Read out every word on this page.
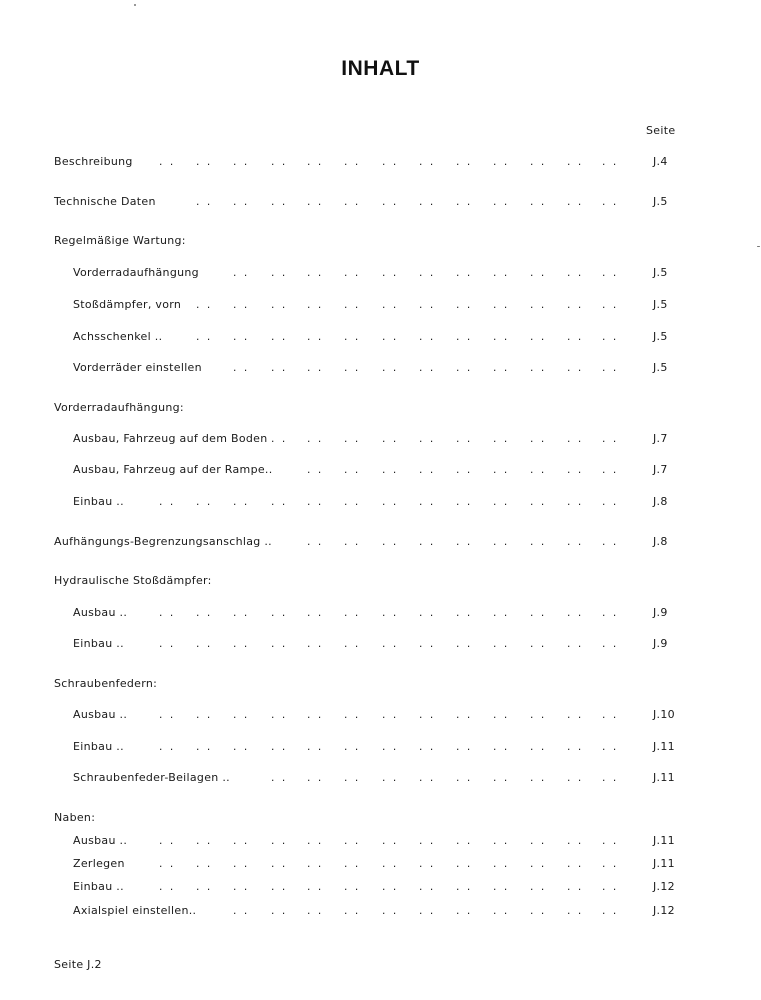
INHALT
Seite
Beschreibung	. . . . . . . . . . . . . . . . . . . . . . . . . .	J.4
Technische Daten	. . . . . . . . . . . . . . . . . . . . . . . .	J.5
Regelmäßige Wartung:
Vorderradaufhängung	. . . . . . . . . . . . . . . . . . . . . .	J.5
Stoßdämpfer, vorn . . . . . . . . . . . . . . . . . . . . . . . .	J.5
Achsschenkel ..	. . . . . . . . . . . . . . . . . . . . . . . .	J.5
Vorderräder einstellen	. . . . . . . . . . . . . . . . . . . . . .	J.5
Vorderradaufhängung:
Ausbau, Fahrzeug auf dem Boden . . . . . . . . . . . . . . . . . . . .	J.7
Ausbau, Fahrzeug auf der Rampe..	. . . . . . . . . . . . . . . . . .	J.7
Einbau ..	. . . . . . . . . . . . . . . . . . . . . . . . . .	J.8
Aufhängungs-Begrenzungsanschlag ..	. . . . . . . . . . . . . . . . . .	J.8
Hydraulische Stoßdämpfer:
Ausbau ..	. . . . . . . . . . . . . . . . . . . . . . . . . .	J.9
Einbau ..	. . . . . . . . . . . . . . . . . . . . . . . . . .	J.9
Schraubenfedern:
Ausbau ..	. . . . . . . . . . . . . . . . . . . . . . . . . .	J.10
Einbau ..	. . . . . . . . . . . . . . . . . . . . . . . . . .	J.11
Schraubenfeder-Beilagen ..	. . . . . . . . . . . . . . . . . . . .	J.11
Naben:
Ausbau ..	. . . . . . . . . . . . . . . . . . . . . . . . . .	J.11
Zerlegen	. . . . . . . . . . . . . . . . . . . . . . . . . .	J.11
Einbau ..	. . . . . . . . . . . . . . . . . . . . . . . . . .	J.12
Axialspiel einstellen..	. . . . . . . . . . . . . . . . . . . . . .	J.12
Seite J.2
